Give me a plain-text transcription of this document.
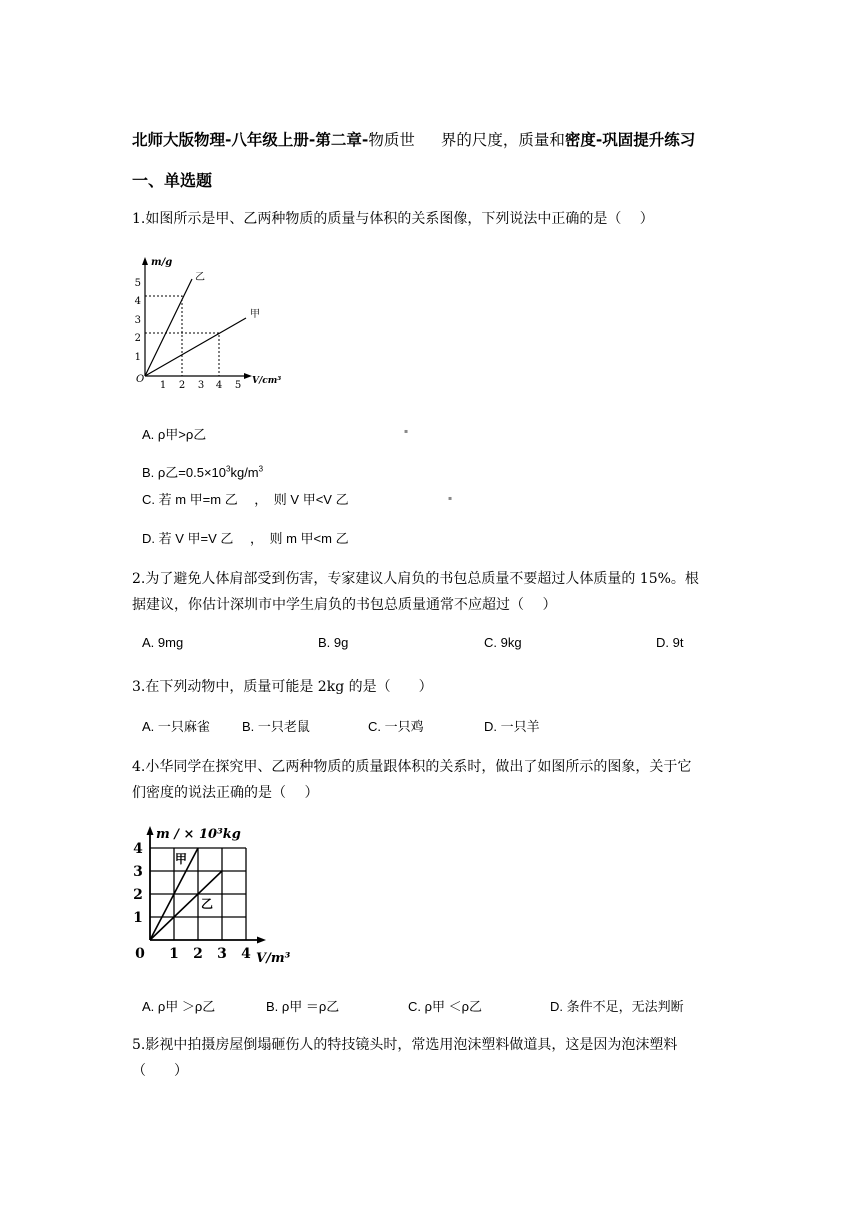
北师大版物理-八年级上册-第二章-物质世 界的尺度，质量和密度-巩固提升练习
一、单选题
1.如图所示是甲、乙两种物质的质量与体积的关系图像，下列说法中正确的是（　 ）
m/g
V/cm³
O
1 2 3 4 5
1
2
3
4
5
乙
甲
A. ρ甲>ρ乙	▪
B. ρ乙$=0.5\times 10^3kg/m^3$
C. 若 m 甲=m 乙　 ，　则 V 甲<V 乙	▪
D. 若 V 甲=V 乙　 ，　则 m 甲<m 乙
2.为了避免人体肩部受到伤害，专家建议人肩负的书包总质量不要超过人体质量的 15%。根
据建议，你估计深圳市中学生肩负的书包总质量通常不应超过（　 ）
A. 9mg	B. 9g	C. 9kg	D. 9t
3.在下列动物中，质量可能是 2kg 的是（　　）
A. 一只麻雀 B. 一只老鼠	C. 一只鸡	D. 一只羊
4.小华同学在探究甲、乙两种物质的质量跟体积的关系时，做出了如图所示的图象，关于它
们密度的说法正确的是（　 ）
m / × 10³kg
V/m³
0 1 2 3 4
1
2
3
4
甲
乙
A. ρ甲 ＞ρ乙	B. ρ甲 ＝ρ乙	C. ρ甲 ＜ρ乙	D. 条件不足，无法判断
5.影视中拍摄房屋倒塌砸伤人的特技镜头时，常选用泡沫塑料做道具，这是因为泡沫塑料
（　　）
